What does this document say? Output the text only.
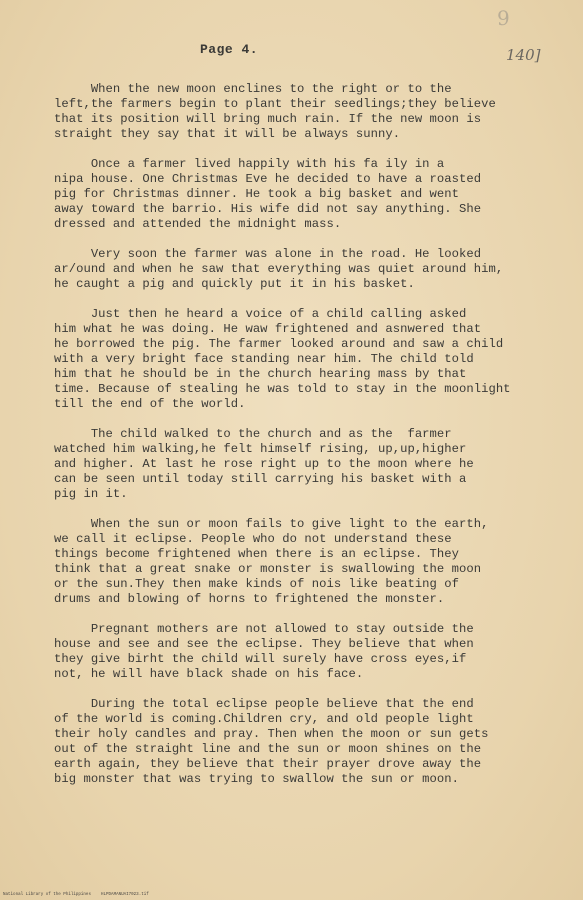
9
Page 4.	140]
When the new moon enclines to the right or to the
left,the farmers begin to plant their seedlings;they believe
that its position will bring much rain. If the new moon is
straight they say that it will be always sunny.
Once a farmer lived happily with his fa ily in a
nipa house. One Christmas Eve he decided to have a roasted
pig for Christmas dinner. He took a big basket and went
away toward the barrio. His wife did not say anything. She
dressed and attended the midnight mass.
Very soon the farmer was alone in the road. He looked
ar/ound and when he saw that everything was quiet around him,
he caught a pig and quickly put it in his basket.
Just then he heard a voice of a child calling asked
him what he was doing. He waw frightened and asnwered that
he borrowed the pig. The farmer looked around and saw a child
with a very bright face standing near him. The child told
him that he should be in the church hearing mass by that
time. Because of stealing he was told to stay in the moonlight
till the end of the world.
The child walked to the church and as the  farmer
watched him walking,he felt himself rising, up,up,higher
and higher. At last he rose right up to the moon where he
can be seen until today still carrying his basket with a
pig in it.
When the sun or moon fails to give light to the earth,
we call it eclipse. People who do not understand these
things become frightened when there is an eclipse. They
think that a great snake or monster is swallowing the moon
or the sun.They then make kinds of nois like beating of
drums and blowing of horns to frightened the monster.
Pregnant mothers are not allowed to stay outside the
house and see and see the eclipse. They believe that when
they give birht the child will surely have cross eyes,if
not, he will have black shade on his face.
During the total eclipse people believe that the end
of the world is coming.Children cry, and old people light
their holy candles and pray. Then when the moon or sun gets
out of the straight line and the sun or moon shines on the
earth again, they believe that their prayer drove away the
big monster that was trying to swallow the sun or moon.
National Library of the Philippines    HLPDAMANUAI7023.tif
